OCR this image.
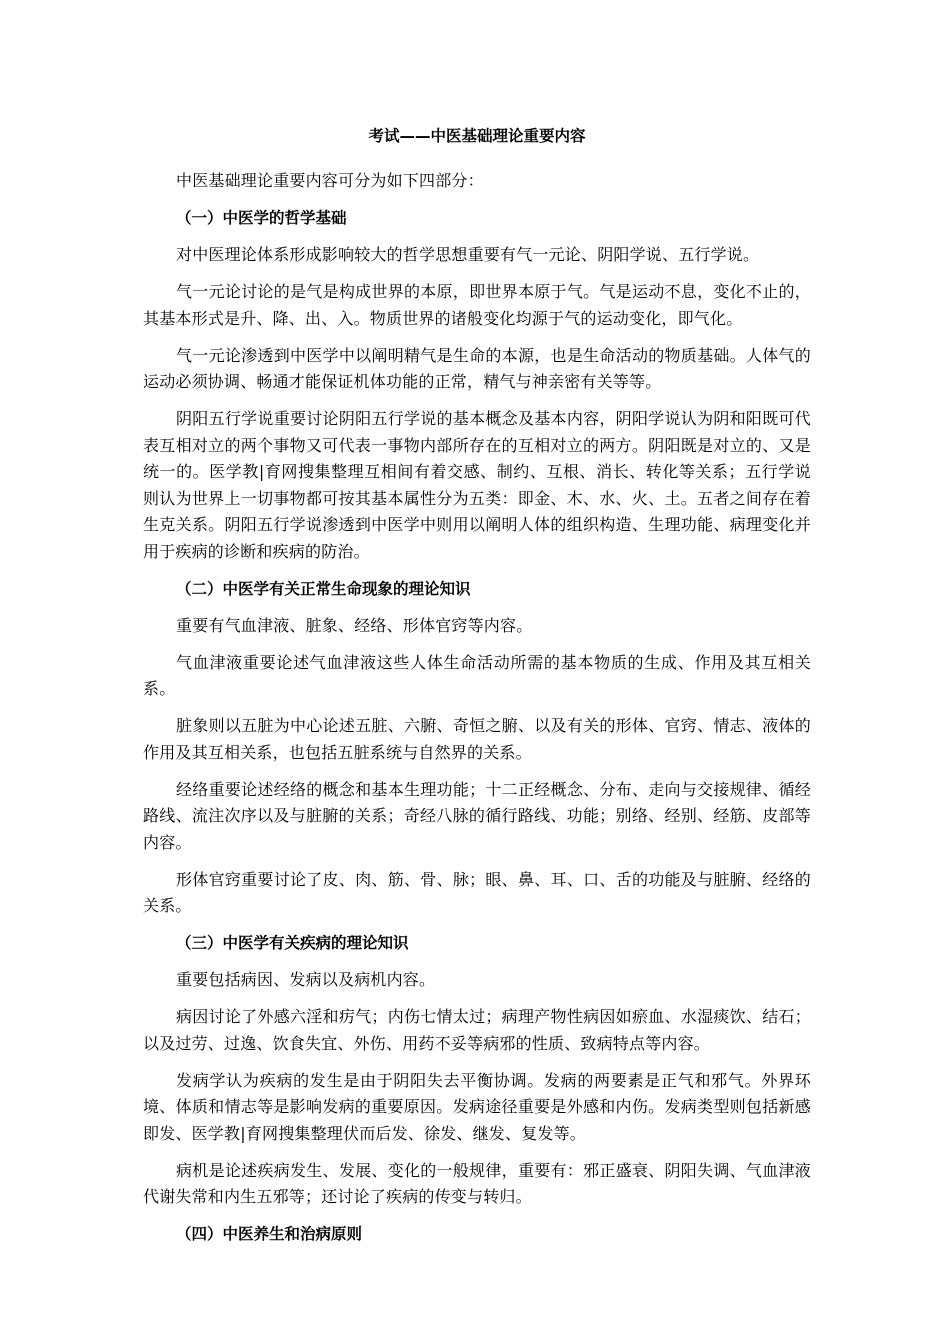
考试——中医基础理论重要内容

中医基础理论重要内容可分为如下四部分：

（一）中医学的哲学基础

对中医理论体系形成影响较大的哲学思想重要有气一元论、阴阳学说、五行学说。

气一元论讨论的是气是构成世界的本原，即世界本原于气。气是运动不息，变化不止的，其基本形式是升、降、出、入。物质世界的诸般变化均源于气的运动变化，即气化。

气一元论渗透到中医学中以阐明精气是生命的本源，也是生命活动的物质基础。人体气的运动必须协调、畅通才能保证机体功能的正常，精气与神亲密有关等等。

阴阳五行学说重要讨论阴阳五行学说的基本概念及基本内容，阴阳学说认为阴和阳既可代表互相对立的两个事物又可代表一事物内部所存在的互相对立的两方。阴阳既是对立的、又是统一的。医学教|育网搜集整理互相间有着交感、制约、互根、消长、转化等关系；五行学说则认为世界上一切事物都可按其基本属性分为五类：即金、木、水、火、土。五者之间存在着生克关系。阴阳五行学说渗透到中医学中则用以阐明人体的组织构造、生理功能、病理变化并用于疾病的诊断和疾病的防治。

（二）中医学有关正常生命现象的理论知识

重要有气血津液、脏象、经络、形体官窍等内容。

气血津液重要论述气血津液这些人体生命活动所需的基本物质的生成、作用及其互相关系。

脏象则以五脏为中心论述五脏、六腑、奇恒之腑、以及有关的形体、官窍、情志、液体的作用及其互相关系，也包括五脏系统与自然界的关系。

经络重要论述经络的概念和基本生理功能；十二正经概念、分布、走向与交接规律、循经路线、流注次序以及与脏腑的关系；奇经八脉的循行路线、功能；别络、经别、经筋、皮部等内容。

形体官窍重要讨论了皮、肉、筋、骨、脉；眼、鼻、耳、口、舌的功能及与脏腑、经络的关系。

（三）中医学有关疾病的理论知识

重要包括病因、发病以及病机内容。

病因讨论了外感六淫和疠气；内伤七情太过；病理产物性病因如瘀血、水湿痰饮、结石；以及过劳、过逸、饮食失宜、外伤、用药不妥等病邪的性质、致病特点等内容。

发病学认为疾病的发生是由于阴阳失去平衡协调。发病的两要素是正气和邪气。外界环境、体质和情志等是影响发病的重要原因。发病途径重要是外感和内伤。发病类型则包括新感即发、医学教|育网搜集整理伏而后发、徐发、继发、复发等。

病机是论述疾病发生、发展、变化的一般规律，重要有：邪正盛衰、阴阳失调、气血津液代谢失常和内生五邪等；还讨论了疾病的传变与转归。

（四）中医养生和治病原则
